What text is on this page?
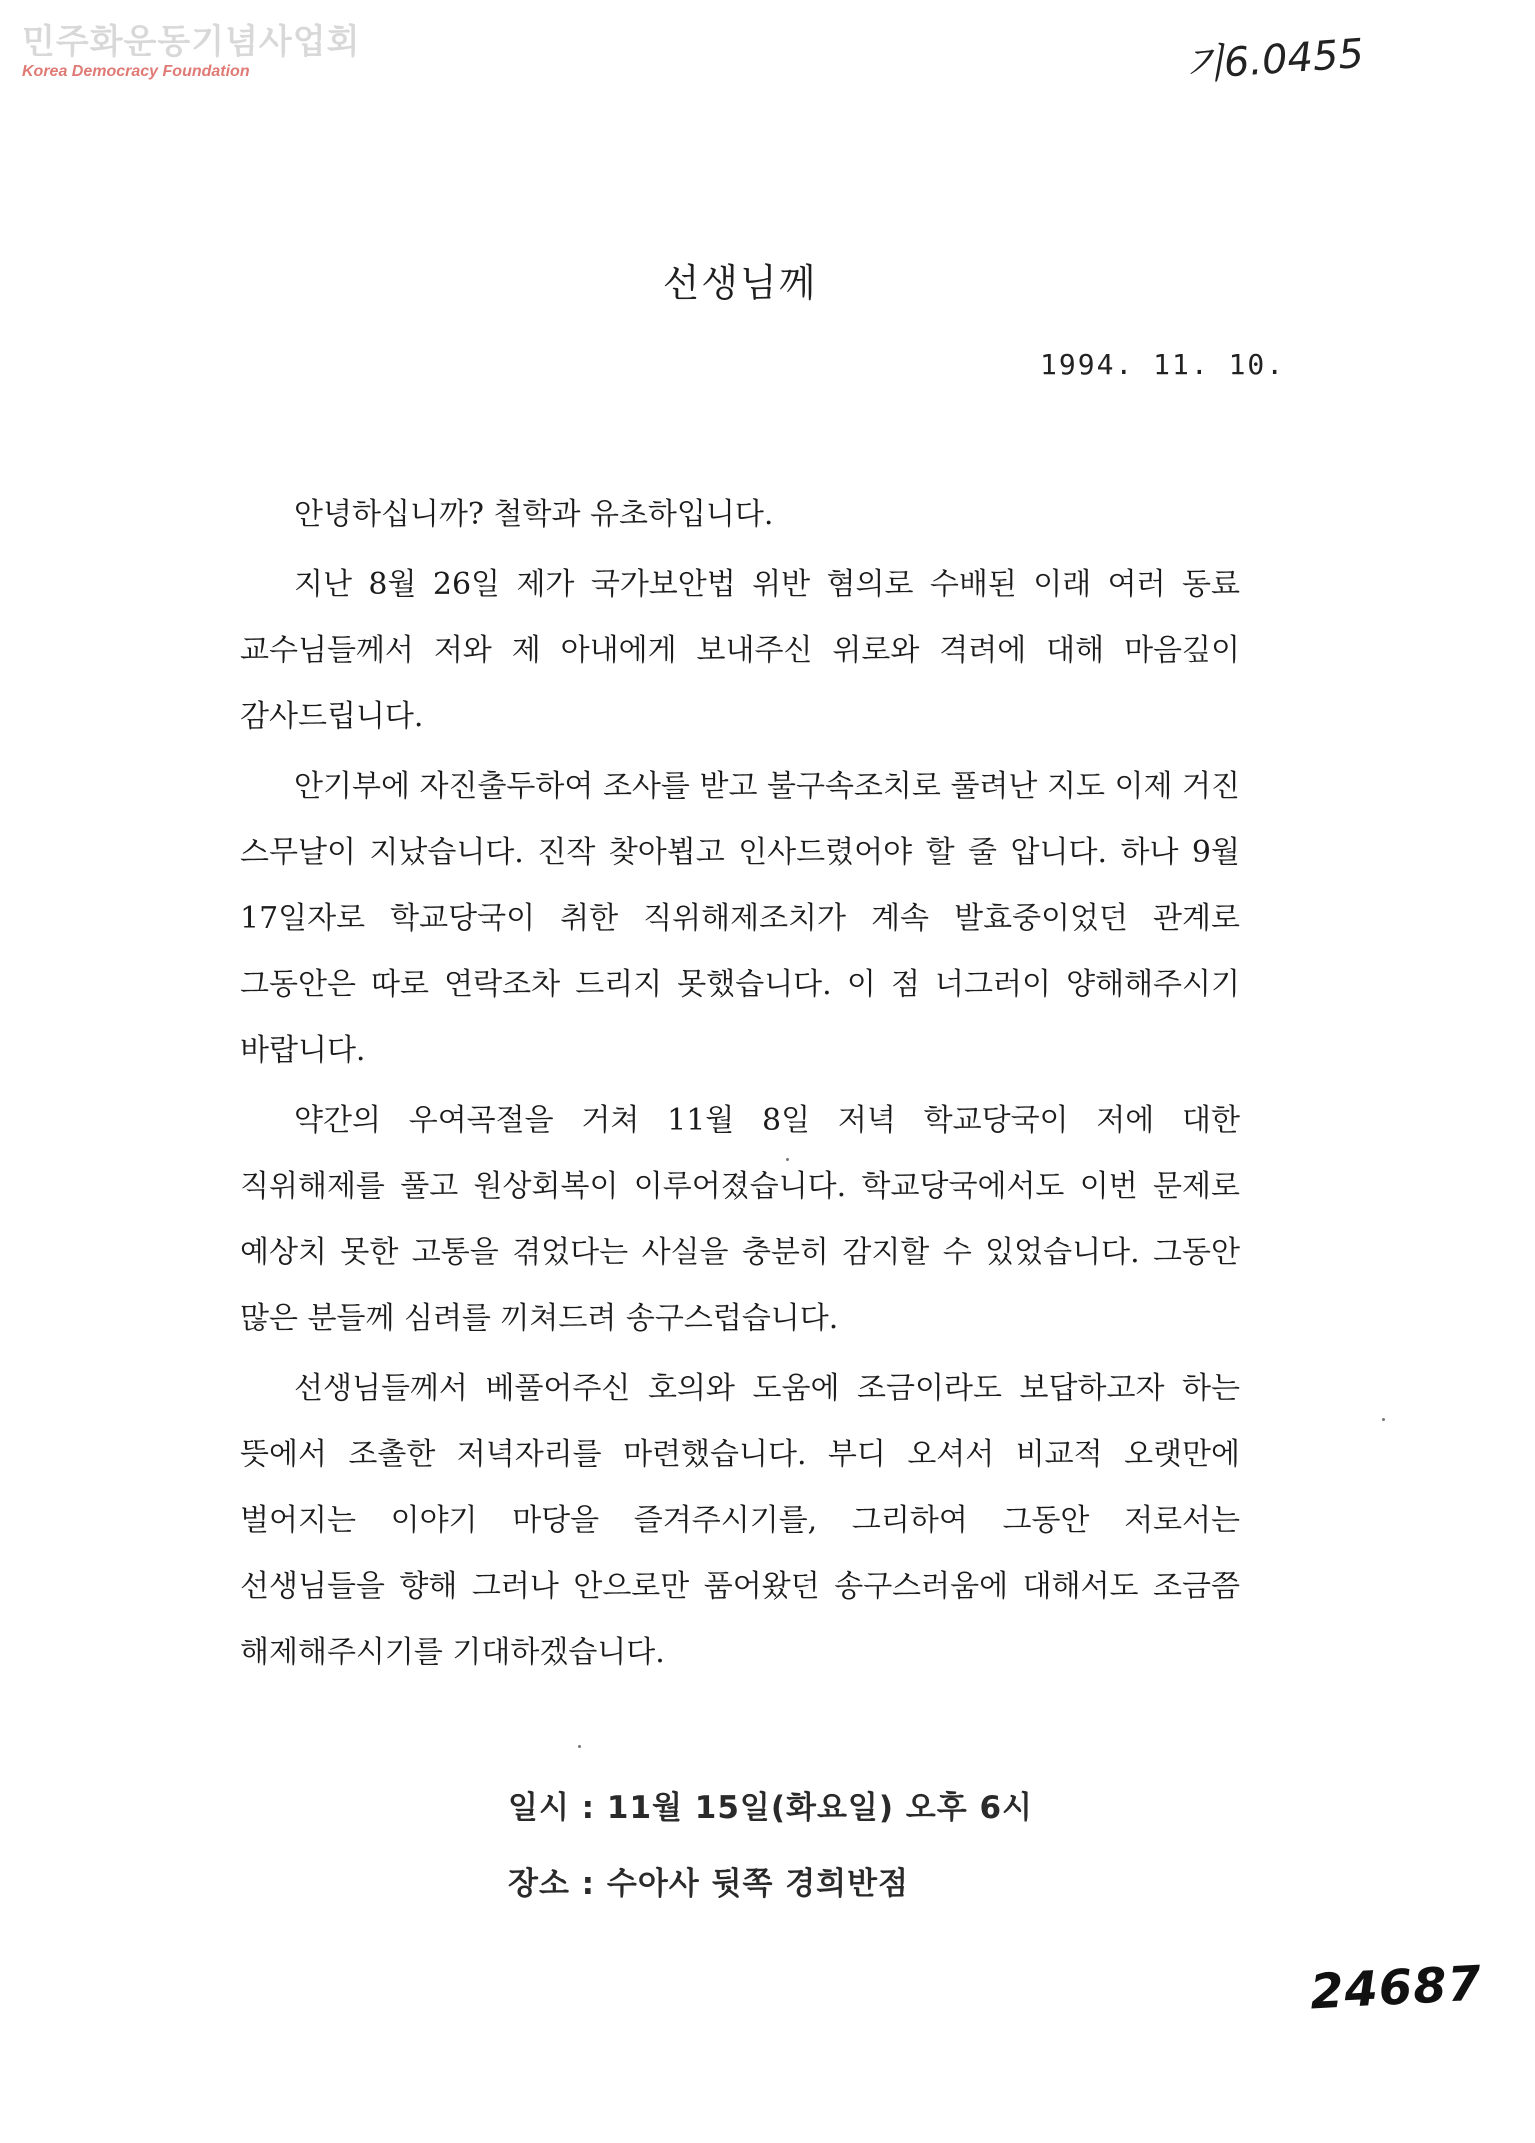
민주화운동기념사업회
Korea Democracy Foundation	기6.0455
선생님께
1994. 11. 10.

안녕하십니까? 철학과 유초하입니다.

지난 8월 26일 제가 국가보안법 위반 혐의로 수배된 이래 여러 동료 교수님들께서 저와 제 아내에게 보내주신 위로와 격려에 대해 마음깊이 감사드립니다.

안기부에 자진출두하여 조사를 받고 불구속조치로 풀려난 지도 이제 거진 스무날이 지났습니다. 진작 찾아뵙고 인사드렸어야 할 줄 압니다. 하나 9월 17일자로 학교당국이 취한 직위해제조치가 계속 발효중이었던 관계로 그동안은 따로 연락조차 드리지 못했습니다. 이 점 너그러이 양해해주시기 바랍니다.

약간의 우여곡절을 거쳐 11월 8일 저녁 학교당국이 저에 대한 직위해제를 풀고 원상회복이 이루어졌습니다. 학교당국에서도 이번 문제로 예상치 못한 고통을 겪었다는 사실을 충분히 감지할 수 있었습니다. 그동안 많은 분들께 심려를 끼쳐드려 송구스럽습니다.

선생님들께서 베풀어주신 호의와 도움에 조금이라도 보답하고자 하는 뜻에서 조촐한 저녁자리를 마련했습니다. 부디 오셔서 비교적 오랫만에 벌어지는 이야기 마당을 즐겨주시기를, 그리하여 그동안 저로서는 선생님들을 향해 그러나 안으로만 품어왔던 송구스러움에 대해서도 조금쯤 해제해주시기를 기대하겠습니다.

일시 : 11월 15일(화요일) 오후 6시
장소 : 수아사 뒷쪽 경희반점
24687
